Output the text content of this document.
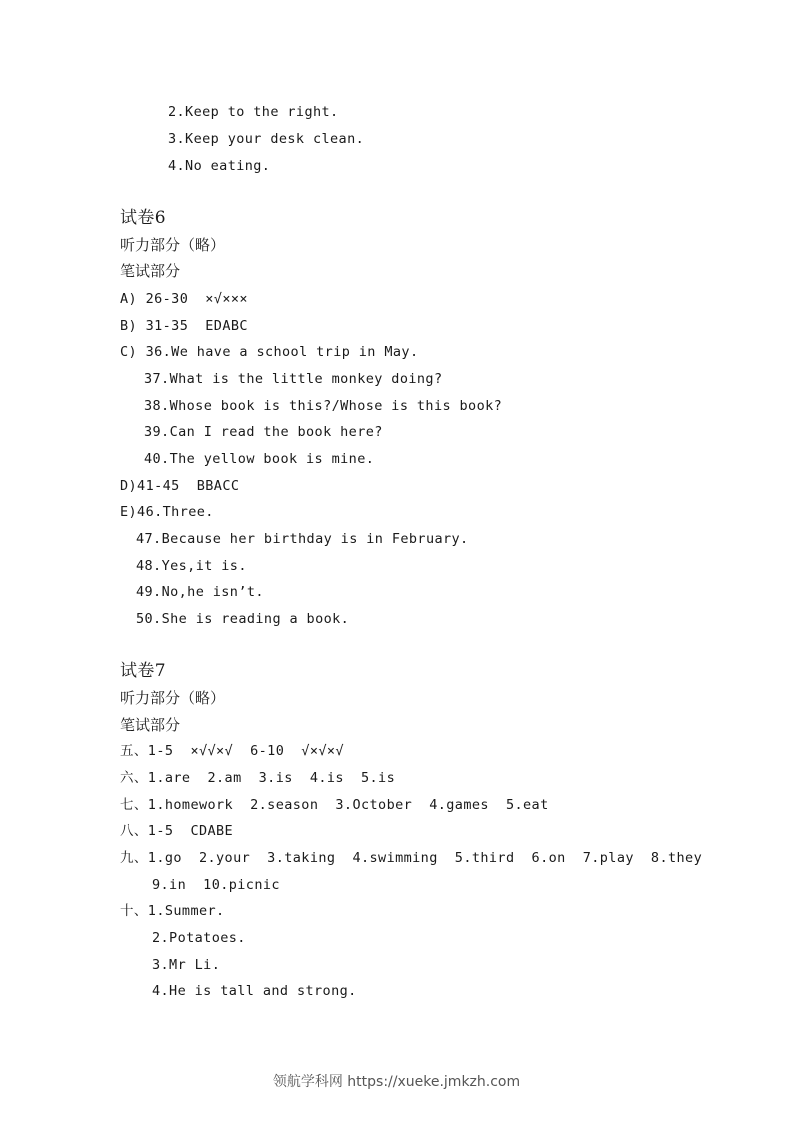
2.Keep to the right.
3.Keep your desk clean.
4.No eating.
试卷6
听力部分（略）
笔试部分
A) 26-30  ×√×××
B) 31-35  EDABC
C) 36.We have a school trip in May.
37.What is the little monkey doing?
38.Whose book is this?/Whose is this book?
39.Can I read the book here?
40.The yellow book is mine.
D)41-45  BBACC
E)46.Three.
47.Because her birthday is in February.
48.Yes,it is.
49.No,he isn’t.
50.She is reading a book.
试卷7
听力部分（略）
笔试部分
五、1-5  ×√√×√  6-10  √×√×√
六、1.are  2.am  3.is  4.is  5.is
七、1.homework  2.season  3.October  4.games  5.eat
八、1-5  CDABE
九、1.go  2.your  3.taking  4.swimming  5.third  6.on  7.play  8.they
9.in  10.picnic
十、1.Summer.
2.Potatoes.
3.Mr Li.
4.He is tall and strong.
领航学科网 https://xueke.jmkzh.com
